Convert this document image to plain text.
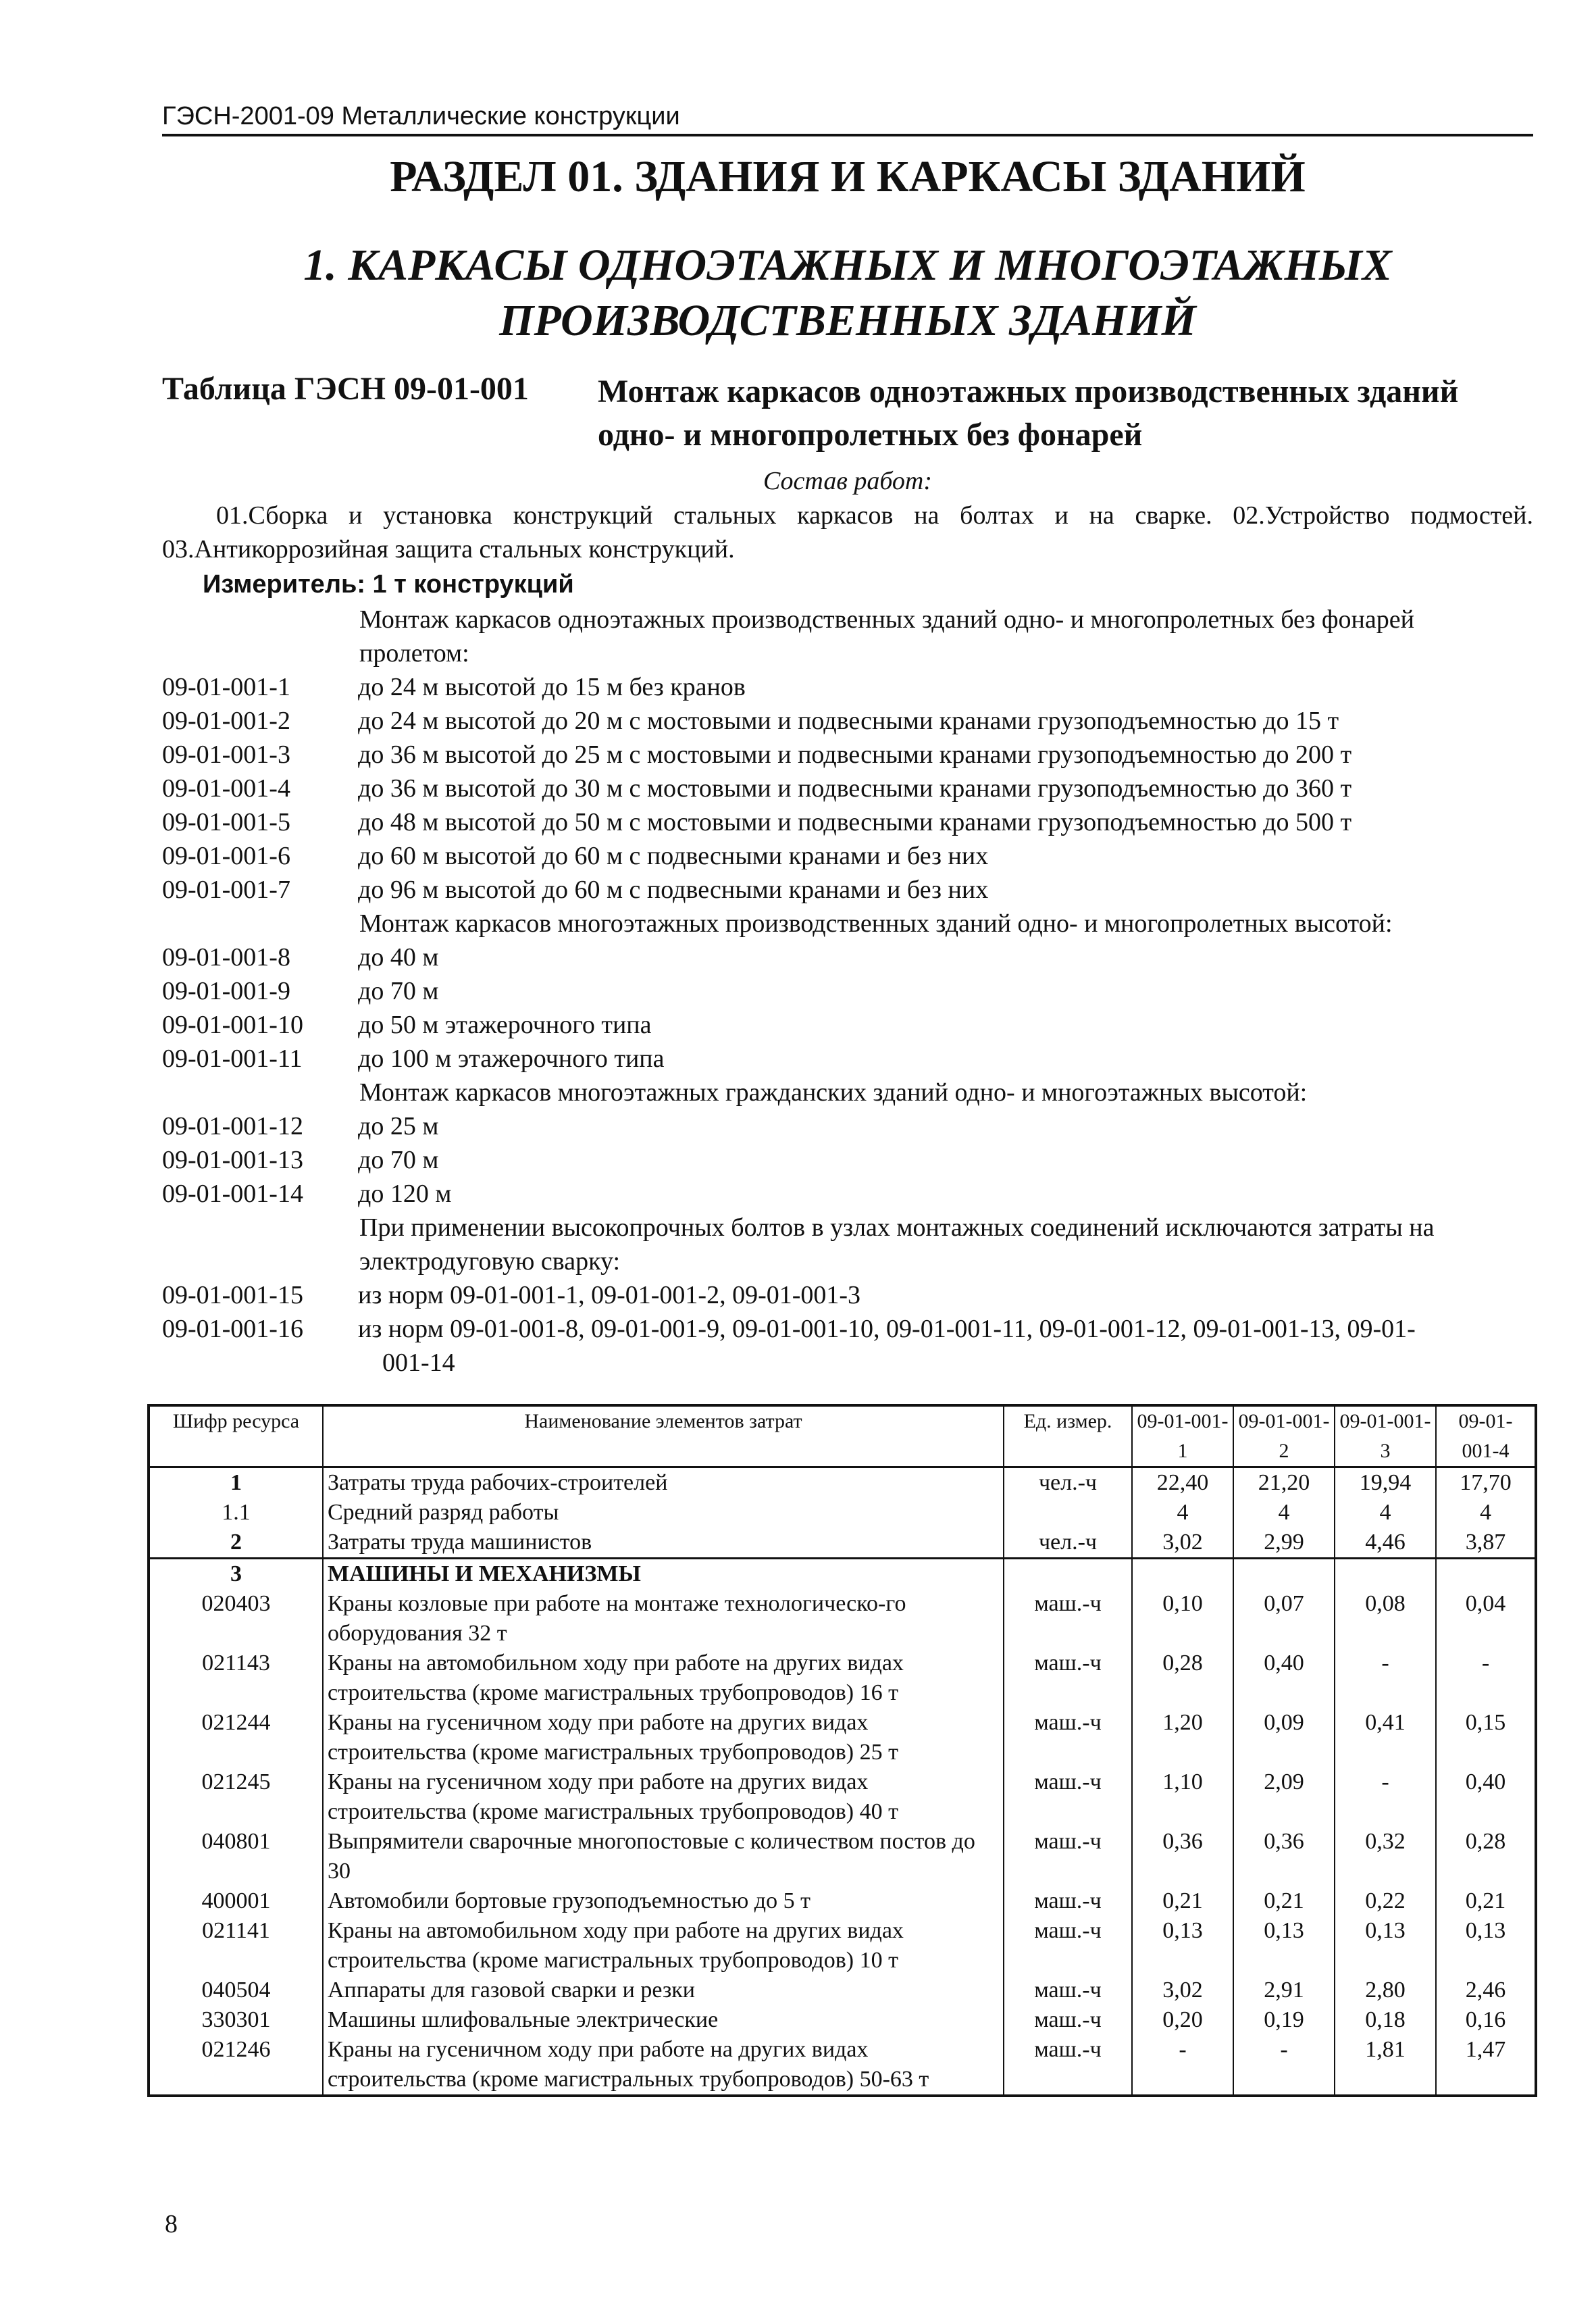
ГЭСН-2001-09 Металлические конструкции
РАЗДЕЛ 01. ЗДАНИЯ И КАРКАСЫ ЗДАНИЙ
1. КАРКАСЫ ОДНОЭТАЖНЫХ И МНОГОЭТАЖНЫХ
ПРОИЗВОДСТВЕННЫХ ЗДАНИЙ
Таблица ГЭСН 09-01-001 Монтаж каркасов одноэтажных производственных зданий одно- и многопролетных без фонарей
Состав работ:
01.Сборка и установка конструкций стальных каркасов на болтах и на сварке. 02.Устройство подмостей. 03.Антикоррозийная защита стальных конструкций.
Измеритель: 1 т конструкций
Монтаж каркасов одноэтажных производственных зданий одно- и многопролетных без фонарей
пролетом:
09-01-001-1	до 24 м высотой до 15 м без кранов
09-01-001-2	до 24 м высотой до 20 м с мостовыми и подвесными кранами грузоподъемностью до 15 т
09-01-001-3	до 36 м высотой до 25 м с мостовыми и подвесными кранами грузоподъемностью до 200 т
09-01-001-4	до 36 м высотой до 30 м с мостовыми и подвесными кранами грузоподъемностью до 360 т
09-01-001-5	до 48 м высотой до 50 м с мостовыми и подвесными кранами грузоподъемностью до 500 т
09-01-001-6	до 60 м высотой до 60 м с подвесными кранами и без них
09-01-001-7	до 96 м высотой до 60 м с подвесными кранами и без них
Монтаж каркасов многоэтажных производственных зданий одно- и многопролетных высотой:
09-01-001-8	до 40 м
09-01-001-9	до 70 м
09-01-001-10	до 50 м этажерочного типа
09-01-001-11	до 100 м этажерочного типа
Монтаж каркасов многоэтажных гражданских зданий одно- и многоэтажных высотой:
09-01-001-12	до 25 м
09-01-001-13	до 70 м
09-01-001-14	до 120 м
При применении высокопрочных болтов в узлах монтажных соединений исключаются затраты на
электродуговую сварку:
09-01-001-15	из норм 09-01-001-1, 09-01-001-2, 09-01-001-3
09-01-001-16	из норм 09-01-001-8, 09-01-001-9, 09-01-001-10, 09-01-001-11, 09-01-001-12, 09-01-001-13, 09-01-
001-14
Шифр ресурса	Наименование элементов затрат	Ед. измер.	09-01-001-1	09-01-001-2	09-01-001-3	09-01-001-4
1	Затраты труда рабочих-строителей	чел.-ч	22,40	21,20	19,94	17,70
1.1	Средний разряд работы		4	4	4	4
2	Затраты труда машинистов	чел.-ч	3,02	2,99	4,46	3,87
3	МАШИНЫ И МЕХАНИЗМЫ					
020403	Краны козловые при работе на монтаже технологическо-го оборудования 32 т	маш.-ч	0,10	0,07	0,08	0,04
021143	Краны на автомобильном ходу при работе на других видах строительства (кроме магистральных трубопроводов) 16 т	маш.-ч	0,28	0,40	-	-
021244	Краны на гусеничном ходу при работе на других видах строительства (кроме магистральных трубопроводов) 25 т	маш.-ч	1,20	0,09	0,41	0,15
021245	Краны на гусеничном ходу при работе на других видах строительства (кроме магистральных трубопроводов) 40 т	маш.-ч	1,10	2,09	-	0,40
040801	Выпрямители сварочные многопостовые с количеством постов до 30	маш.-ч	0,36	0,36	0,32	0,28
400001	Автомобили бортовые грузоподъемностью до 5 т	маш.-ч	0,21	0,21	0,22	0,21
021141	Краны на автомобильном ходу при работе на других видах строительства (кроме магистральных трубопроводов) 10 т	маш.-ч	0,13	0,13	0,13	0,13
040504	Аппараты для газовой сварки и резки	маш.-ч	3,02	2,91	2,80	2,46
330301	Машины шлифовальные электрические	маш.-ч	0,20	0,19	0,18	0,16
021246	Краны на гусеничном ходу при работе на других видах строительства (кроме магистральных трубопроводов) 50-63 т	маш.-ч	-	-	1,81	1,47
8
